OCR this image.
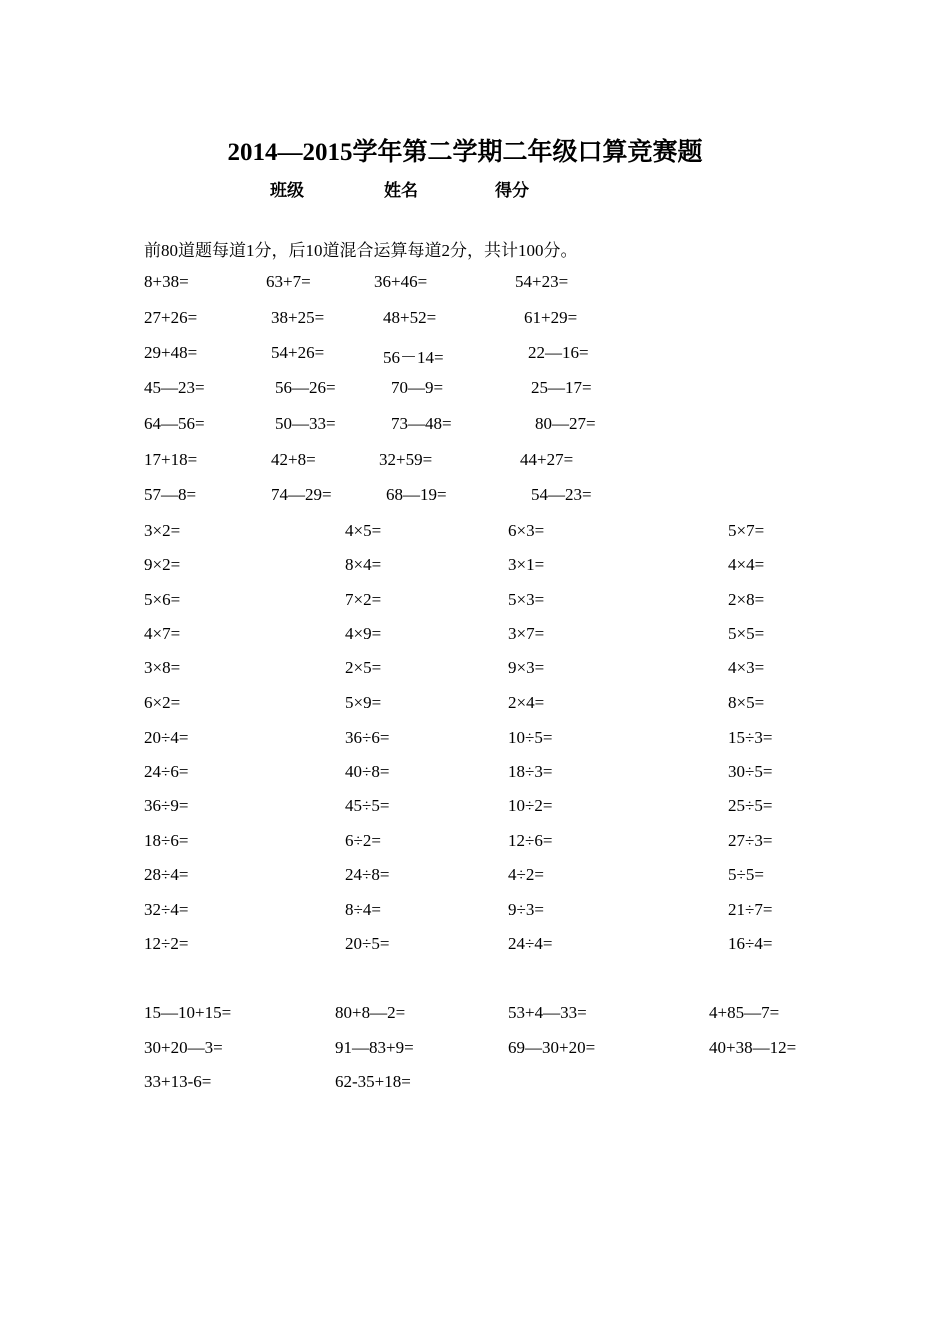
2014—2015学年第二学期二年级口算竞赛题
班级	姓名	得分
前80道题每道1分，后10道混合运算每道2分，共计100分。
8+38=	63+7=	36+46=	54+23=
27+26=	38+25=	48+52=	61+29=
29+48=	54+26=	56－14=	22—16=
45—23=	56—26=	70—9=	25—17=
64—56=	50—33=	73—48=	80—27=
17+18=	42+8=	32+59=	44+27=
57—8=	74—29=	68—19=	54—23=
3×2=	4×5=	6×3=	5×7=
9×2=	8×4=	3×1=	4×4=
5×6=	7×2=	5×3=	2×8=
4×7=	4×9=	3×7=	5×5=
3×8=	2×5=	9×3=	4×3=
6×2=	5×9=	2×4=	8×5=
20÷4=	36÷6=	10÷5=	15÷3=
24÷6=	40÷8=	18÷3=	30÷5=
36÷9=	45÷5=	10÷2=	25÷5=
18÷6=	6÷2=	12÷6=	27÷3=
28÷4=	24÷8=	4÷2=	5÷5=
32÷4=	8÷4=	9÷3=	21÷7=
12÷2=	20÷5=	24÷4=	16÷4=
15—10+15=	80+8—2=	53+4—33=	4+85—7=
30+20—3=	91—83+9=	69—30+20=	40+38—12=
33+13-6=	62-35+18=
